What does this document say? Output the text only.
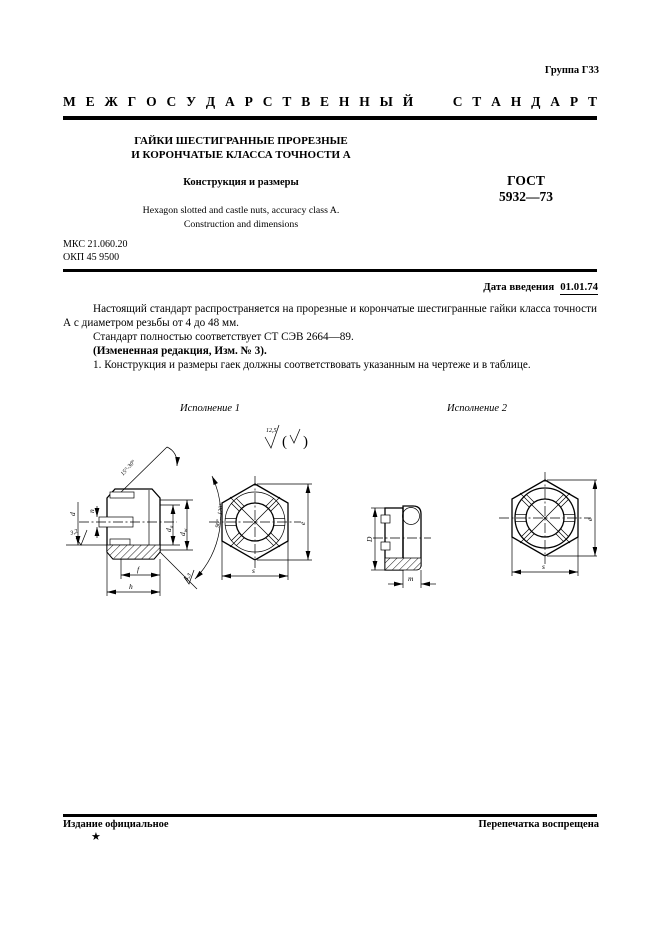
Группа Г33
М Е Ж Г О С У Д А Р С Т В Е Н Н Ы Й    С Т А Н Д А Р Т
ГАЙКИ ШЕСТИГРАННЫЕ ПРОРЕЗНЫЕ
И КОРОНЧАТЫЕ КЛАССА ТОЧНОСТИ А
Конструкция и размеры	ГОСТ
5932—73
Hexagon slotted and castle nuts, accuracy class A.
Construction and dimensions
МКС 21.060.20
ОКП 45 9500
Дата введения 01.01.74

Настоящий стандарт распространяется на прорезные и корончатые шестигранные гайки класса точности А с диаметром резьбы от 4 до 48 мм.

Стандарт полностью соответствует СТ СЭВ 2664—89.

(Измененная редакция, Изм. № 3).

1. Конструкция и размеры гаек должны соответствовать указанным на чертеже и в таблице.

Исполнение 1	Исполнение 2
12,5
( )
15°-30°
d
n
3,2	$d_a$
$d_w$
90°...120°
6,3
f
h
e
s
D
m
e
s
Издание официальное	Перепечатка воспрещена
★
